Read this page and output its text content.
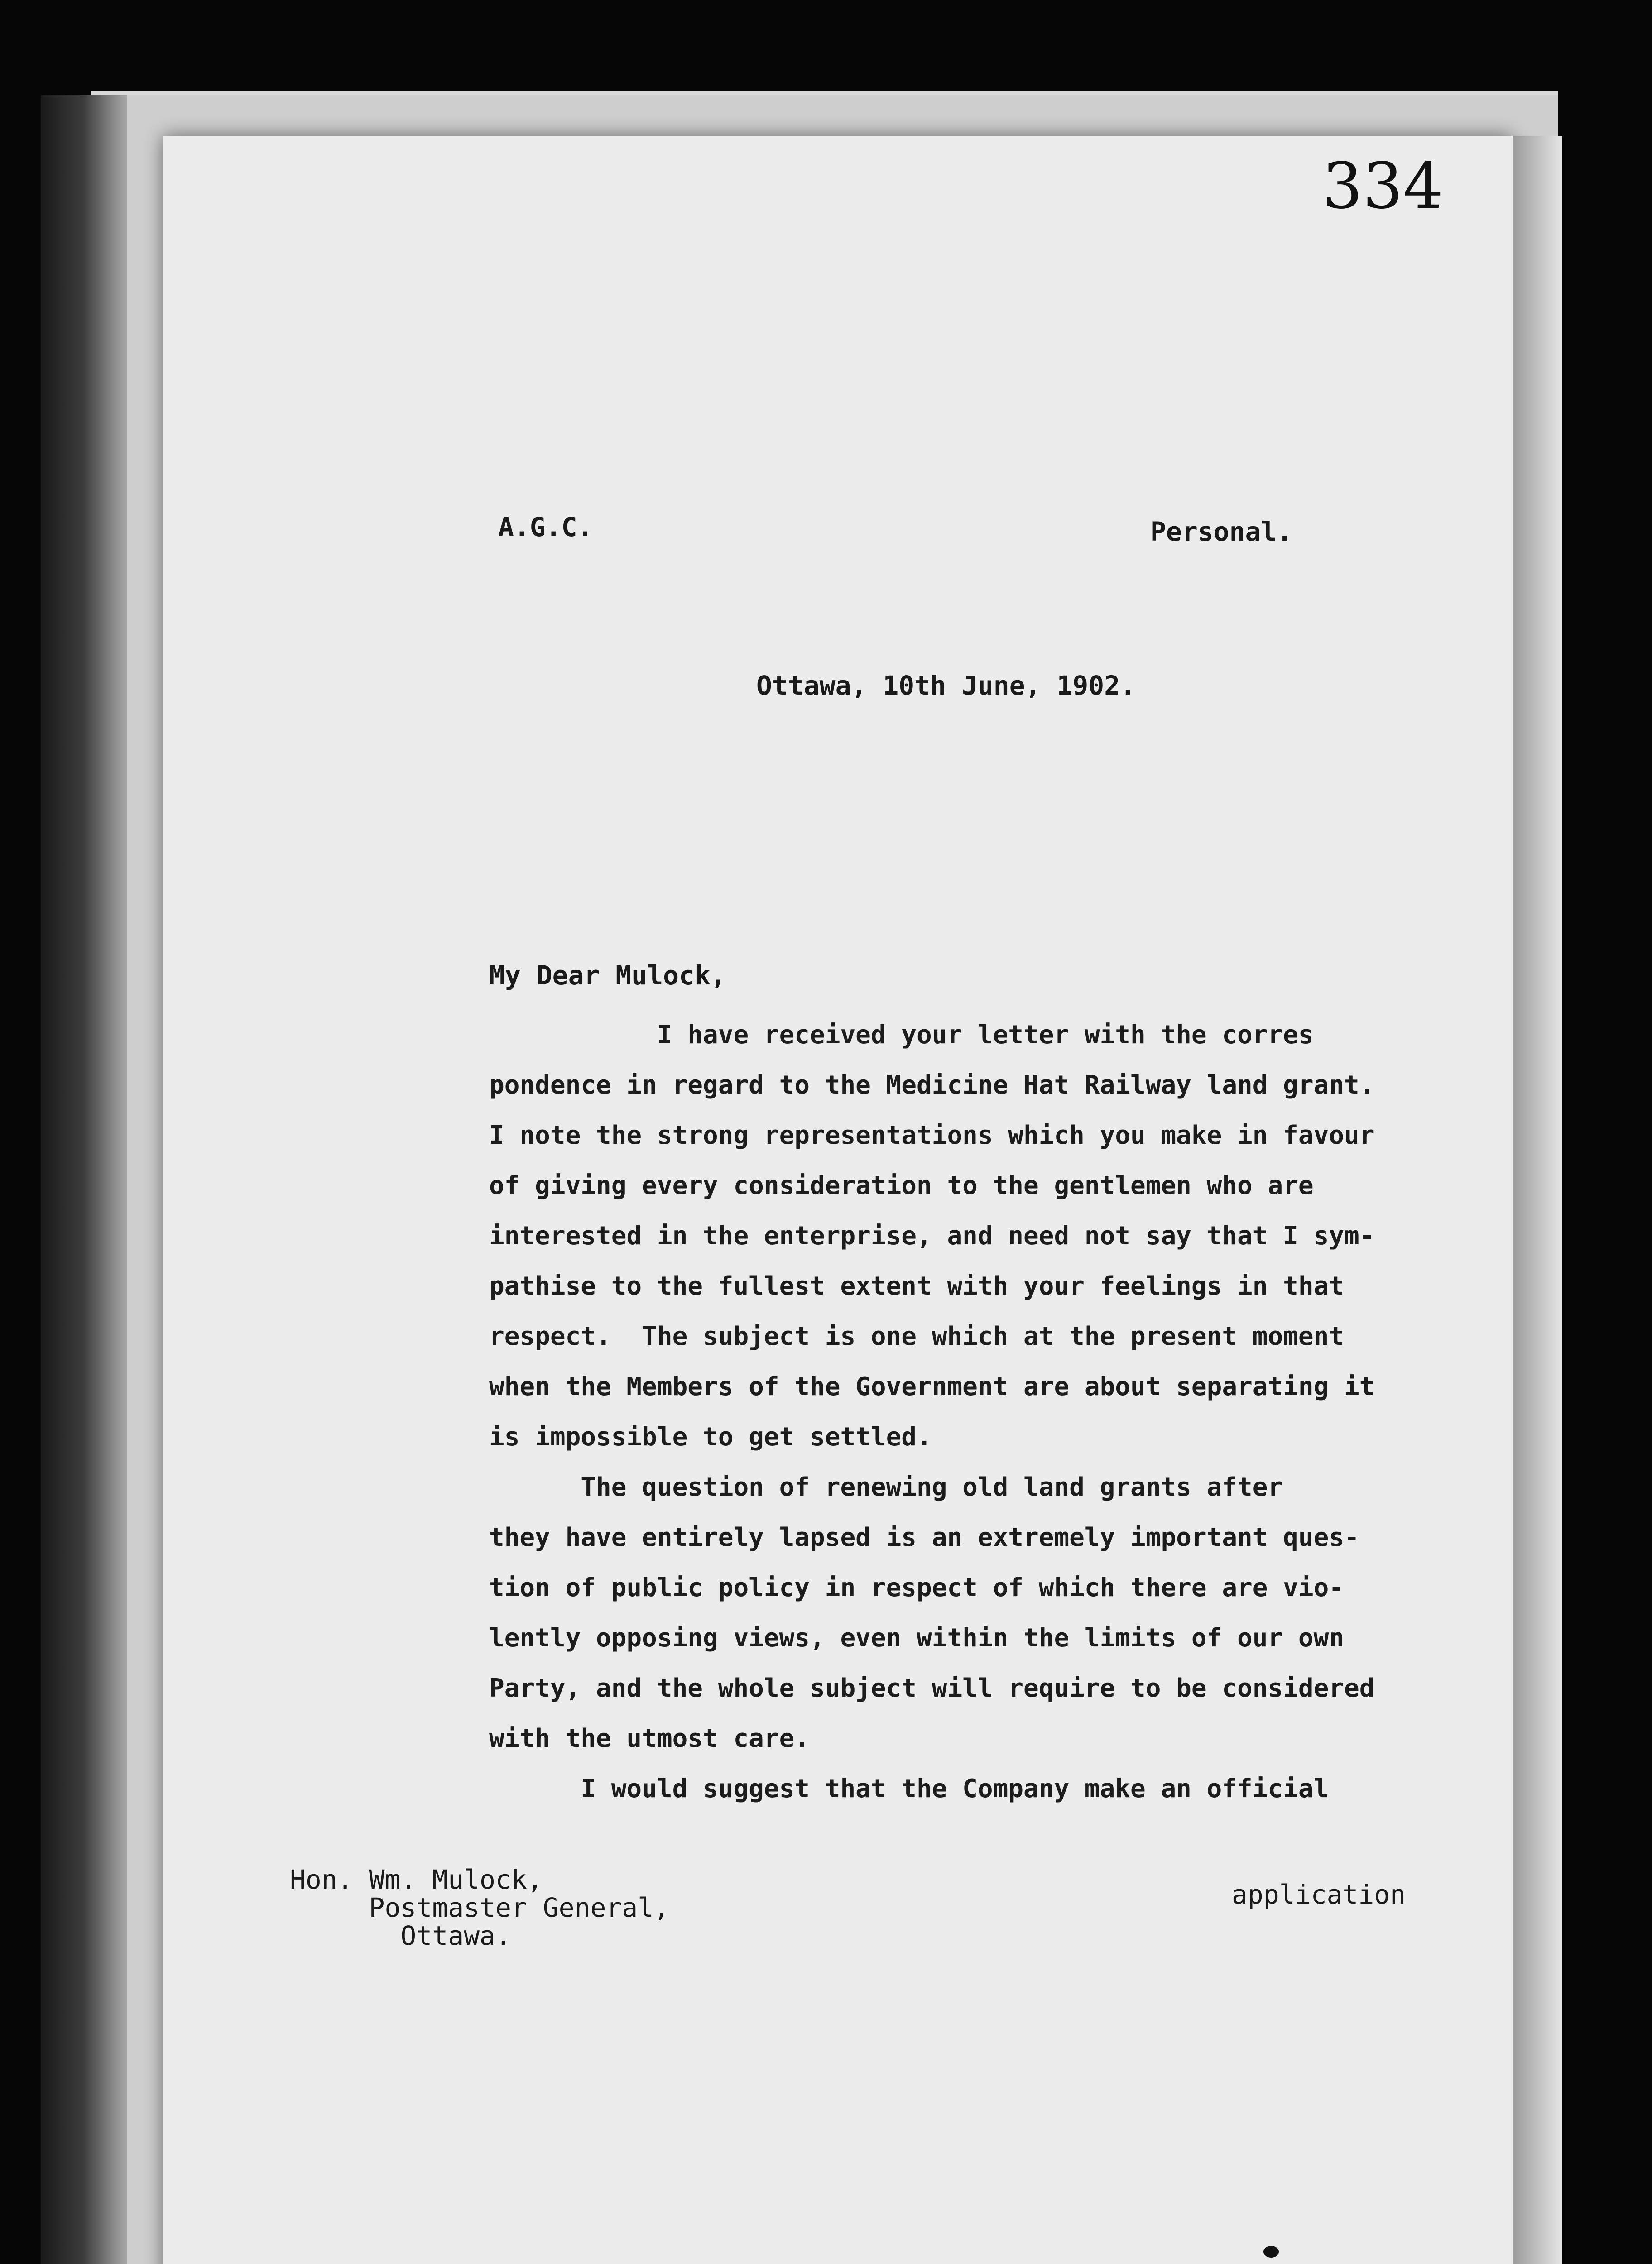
334
A.G.C.	Personal.
Ottawa, 10th June, 1902.
My Dear Mulock,
I have received your letter with the corres
pondence in regard to the Medicine Hat Railway land grant.
I note the strong representations which you make in favour
of giving every consideration to the gentlemen who are
interested in the enterprise, and need not say that I sym-
pathise to the fullest extent with your feelings in that
respect.  The subject is one which at the present moment
when the Members of the Government are about separating it
is impossible to get settled.
The question of renewing old land grants after
they have entirely lapsed is an extremely important ques-
tion of public policy in respect of which there are vio-
lently opposing views, even within the limits of our own
Party, and the whole subject will require to be considered
with the utmost care.
I would suggest that the Company make an official
Hon. Wm. Mulock,
Postmaster General,
Ottawa.
application
